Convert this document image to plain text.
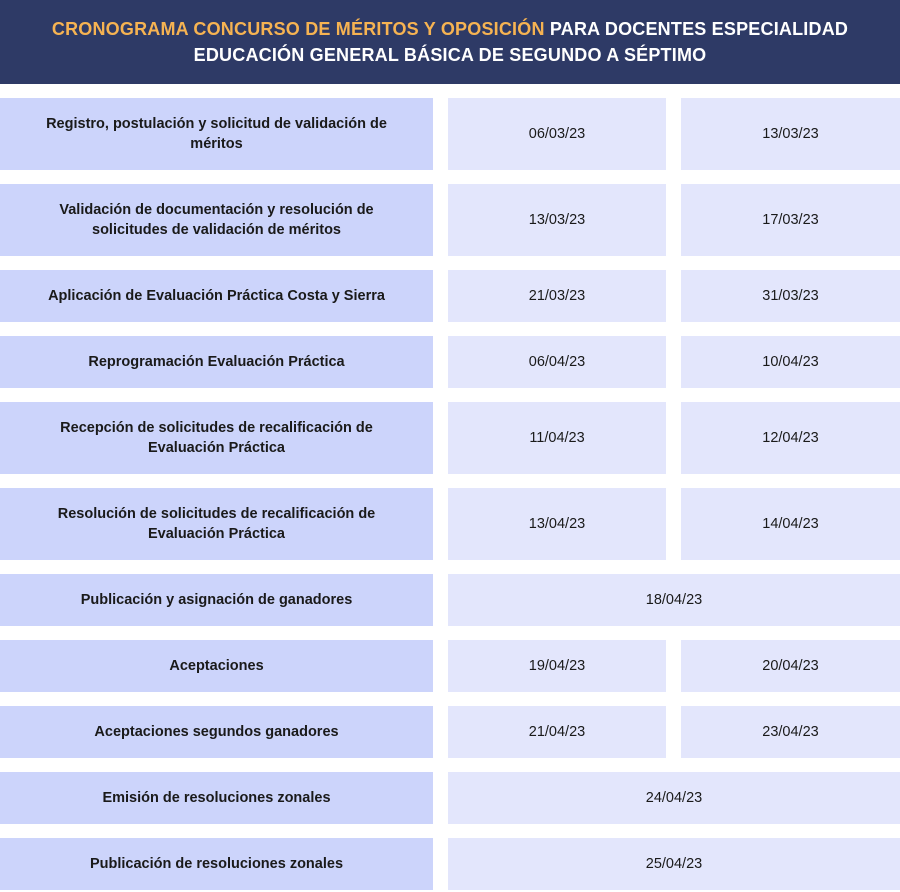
CRONOGRAMA CONCURSO DE MÉRITOS Y OPOSICIÓN PARA DOCENTES ESPECIALIDAD
EDUCACIÓN GENERAL BÁSICA DE SEGUNDO A SÉPTIMO
Registro, postulación y solicitud de validación de méritos
06/03/23	13/03/23
Validación de documentación y resolución de solicitudes de validación de méritos
13/03/23	17/03/23
Aplicación de Evaluación Práctica Costa y Sierra	21/03/23	31/03/23
Reprogramación Evaluación Práctica	06/04/23	10/04/23
Recepción de solicitudes de recalificación de Evaluación Práctica
11/04/23	12/04/23
Resolución de solicitudes de recalificación de Evaluación Práctica
13/04/23	14/04/23
Publicación y asignación de ganadores	18/04/23
Aceptaciones	19/04/23	20/04/23
Aceptaciones segundos ganadores	21/04/23	23/04/23
Emisión de resoluciones zonales	24/04/23
Publicación de resoluciones zonales	25/04/23
